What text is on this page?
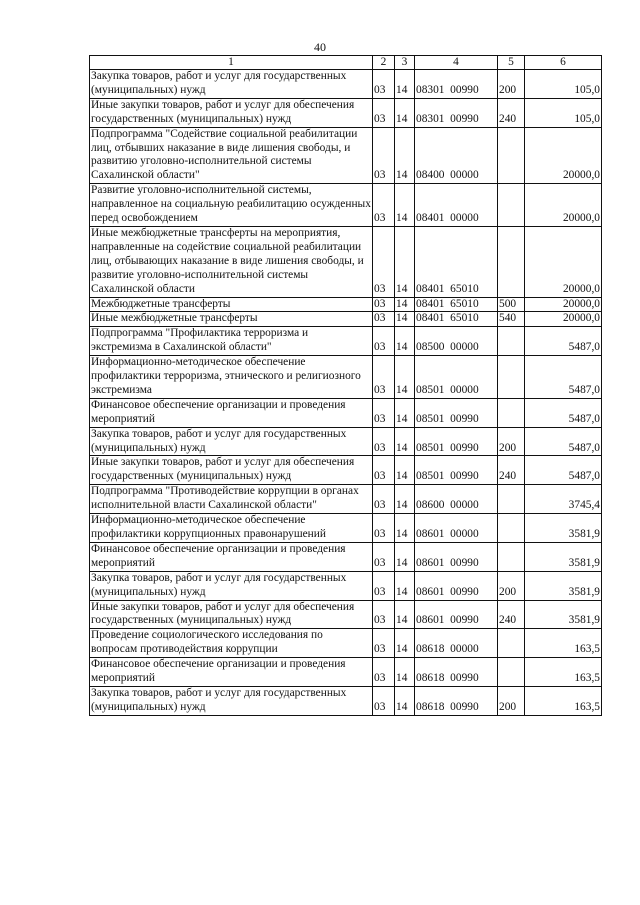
40
1	2	3	4	5	6
Закупка товаров, работ и услуг для государственных (муниципальных) нужд	03	14	08301  00990	200	105,0
Иные закупки товаров, работ и услуг для обеспечения государственных (муниципальных) нужд	03	14	08301  00990	240	105,0
Подпрограмма "Содействие социальной реабилитации лиц, отбывших наказание в виде лишения свободы, и развитию уголовно-исполнительной системы Сахалинской области"	03	14	08400  00000		20000,0
Развитие уголовно-исполнительной системы, направленное на социальную реабилитацию осужденных перед освобождением	03	14	08401  00000		20000,0
Иные межбюджетные трансферты на мероприятия, направленные на содействие социальной реабилитации лиц, отбывающих наказание в виде лишения свободы, и развитие уголовно-исполнительной системы Сахалинской области	03	14	08401  65010		20000,0
Межбюджетные трансферты	03	14	08401  65010	500	20000,0
Иные межбюджетные трансферты	03	14	08401  65010	540	20000,0
Подпрограмма "Профилактика терроризма и экстремизма в Сахалинской области"	03	14	08500  00000		5487,0
Информационно-методическое обеспечение профилактики терроризма, этнического и религиозного экстремизма	03	14	08501  00000		5487,0
Финансовое обеспечение организации и проведения мероприятий	03	14	08501  00990		5487,0
Закупка товаров, работ и услуг для государственных (муниципальных) нужд	03	14	08501  00990	200	5487,0
Иные закупки товаров, работ и услуг для обеспечения государственных (муниципальных) нужд	03	14	08501  00990	240	5487,0
Подпрограмма "Противодействие коррупции в органах исполнительной власти Сахалинской области"	03	14	08600  00000		3745,4
Информационно-методическое обеспечение профилактики коррупционных правонарушений	03	14	08601  00000		3581,9
Финансовое обеспечение организации и проведения мероприятий	03	14	08601  00990		3581,9
Закупка товаров, работ и услуг для государственных (муниципальных) нужд	03	14	08601  00990	200	3581,9
Иные закупки товаров, работ и услуг для обеспечения государственных (муниципальных) нужд	03	14	08601  00990	240	3581,9
Проведение социологического исследования по вопросам противодействия коррупции	03	14	08618  00000		163,5
Финансовое обеспечение организации и проведения мероприятий	03	14	08618  00990		163,5
Закупка товаров, работ и услуг для государственных (муниципальных) нужд	03	14	08618  00990	200	163,5
